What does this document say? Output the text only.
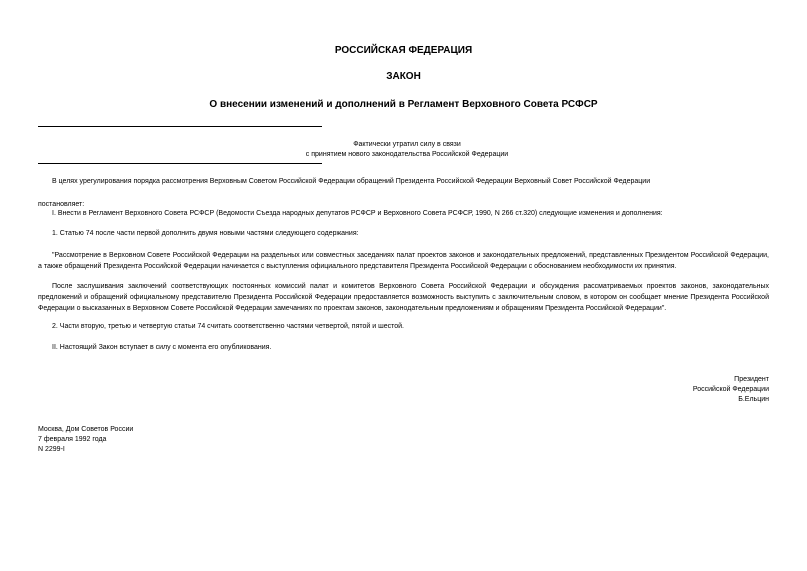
РОССИЙСКАЯ ФЕДЕРАЦИЯ
ЗАКОН
О внесении изменений и дополнений в Регламент Верховного Совета РСФСР
Фактически утратил силу в связи
с принятием нового законодательства Российской Федерации
В целях урегулирования порядка рассмотрения Верховным Советом Российской Федерации обращений Президента Российской Федерации Верховный Совет Российской Федерации
постановляет:
I. Внести в Регламент Верховного Совета РСФСР (Ведомости Съезда народных депутатов РСФСР и Верховного Совета РСФСР, 1990, N 266 ст.320) следующие изменения и дополнения:
1. Статью 74 после части первой дополнить двумя новыми частями следующего содержания:
"Рассмотрение в Верховном Совете Российской Федерации на раздельных или совместных заседаниях палат проектов законов и законодательных предложений, представленных Президентом Российской Федерации, а также обращений Президента Российской Федерации начинается с выступления официального представителя Президента Российской Федерации с обоснованием необходимости их принятия.
После заслушивания заключений соответствующих постоянных комиссий палат и комитетов Верховного Совета Российской Федерации и обсуждения рассматриваемых проектов законов, законодательных предложений и обращений официальному представителю Президента Российской Федерации предоставляется возможность выступить с заключительным словом, в котором он сообщает мнение Президента Российской Федерации о высказанных в Верховном Совете Российской Федерации замечаниях по проектам законов, законодательным предложениям и обращениям Президента Российской Федерации".
2. Части вторую, третью и четвертую статьи 74 считать соответственно частями четвертой, пятой и шестой.
II. Настоящий Закон вступает в силу с момента его опубликования.
Президент
Российской Федерации
Б.Ельцин
Москва, Дом Советов России
7 февраля 1992 года
N 2299-I
